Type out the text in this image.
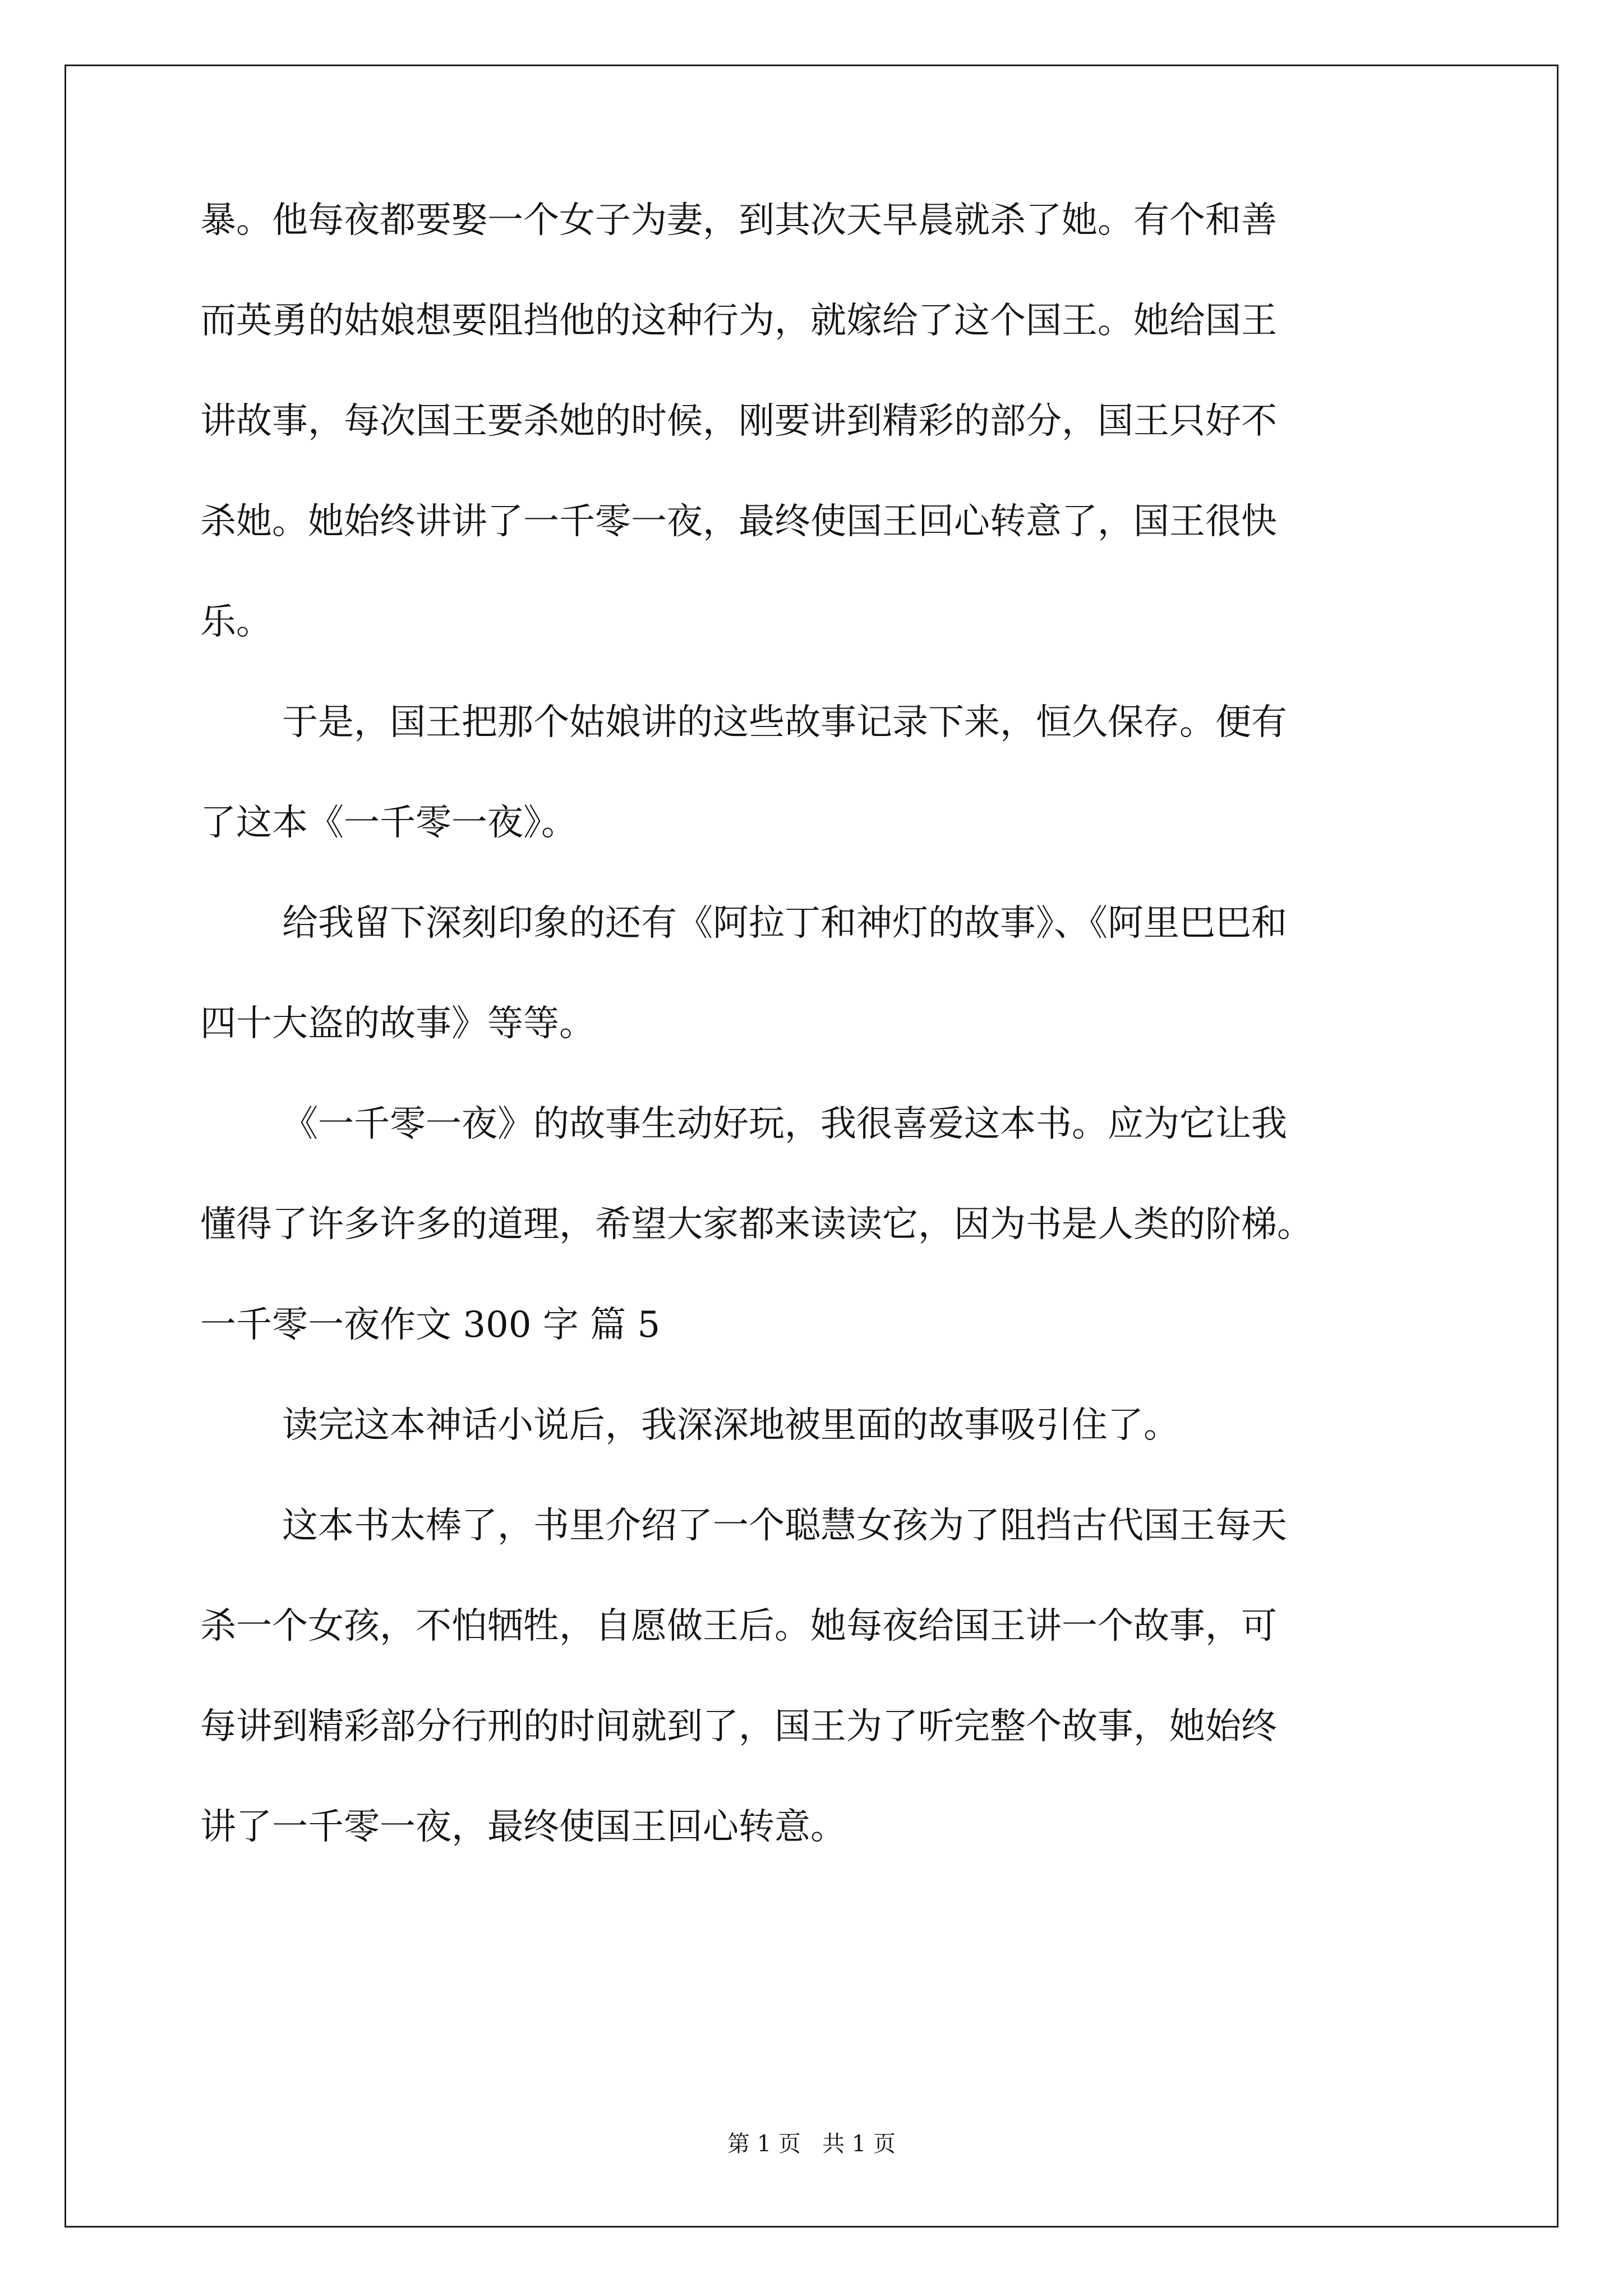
暴。他每夜都要娶一个女子为妻，到其次天早晨就杀了她。有个和善
而英勇的姑娘想要阻挡他的这种行为，就嫁给了这个国王。她给国王
讲故事，每次国王要杀她的时候，刚要讲到精彩的部分，国王只好不
杀她。她始终讲讲了一千零一夜，最终使国王回心转意了，国王很快
乐。
于是，国王把那个姑娘讲的这些故事记录下来，恒久保存。便有
了这本《一千零一夜》。
给我留下深刻印象的还有《阿拉丁和神灯的故事》、《阿里巴巴和
四十大盗的故事》等等。
《一千零一夜》的故事生动好玩，我很喜爱这本书。应为它让我
懂得了许多许多的道理，希望大家都来读读它，因为书是人类的阶梯。
一千零一夜作文 300 字 篇 5
读完这本神话小说后，我深深地被里面的故事吸引住了。
这本书太棒了，书里介绍了一个聪慧女孩为了阻挡古代国王每天
杀一个女孩，不怕牺牲，自愿做王后。她每夜给国王讲一个故事，可
每讲到精彩部分行刑的时间就到了，国王为了听完整个故事，她始终
讲了一千零一夜，最终使国王回心转意。
第 1 页   共 1 页
